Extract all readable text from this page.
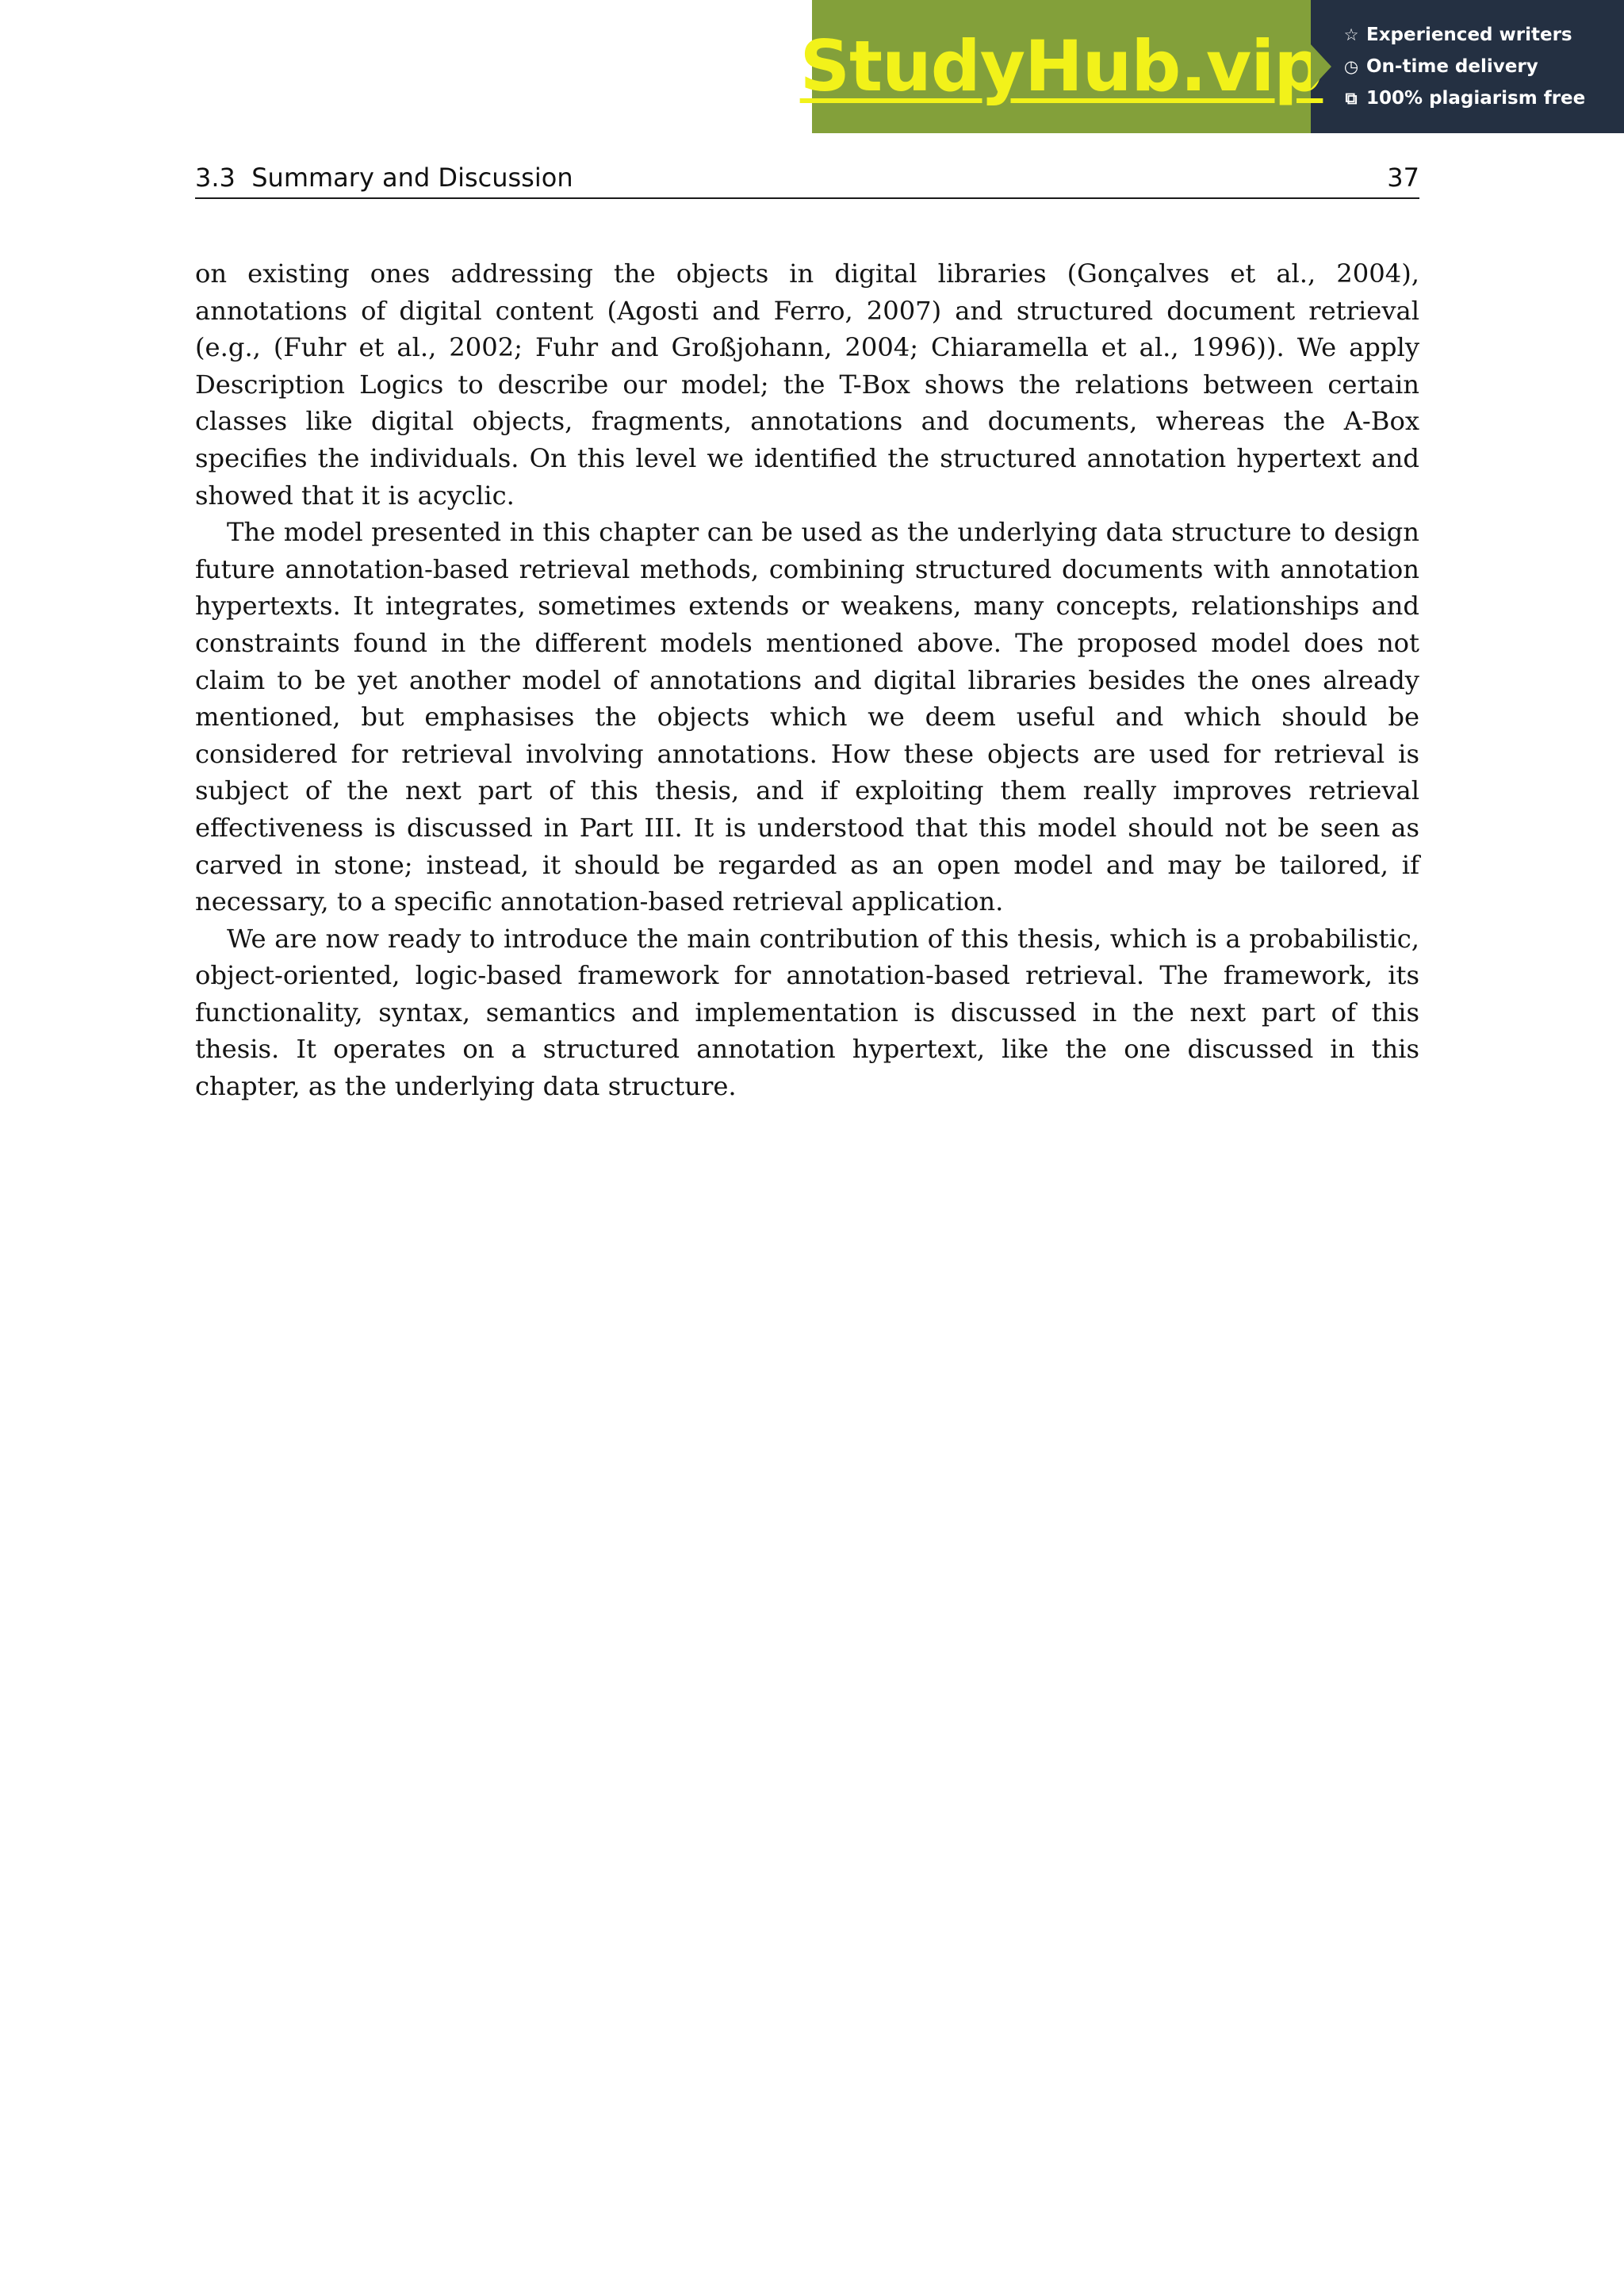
StudyHub.vip ☆ Experienced writers
◷ On-time delivery
⧉ 100% plagiarism free
3.3  Summary and Discussion	37

on existing ones addressing the objects in digital libraries (Gonçalves et al., 2004), annotations of digital content (Agosti and Ferro, 2007) and structured document retrieval (e.g., (Fuhr et al., 2002; Fuhr and Großjohann, 2004; Chiaramella et al., 1996)). We apply Description Logics to describe our model; the T-Box shows the relations between certain classes like digital objects, fragments, annotations and documents, whereas the A-Box specifies the individuals. On this level we identified the structured annotation hypertext and showed that it is acyclic.

The model presented in this chapter can be used as the underlying data structure to design future annotation-based retrieval methods, combining structured documents with annotation hypertexts. It integrates, sometimes extends or weakens, many concepts, relationships and constraints found in the different models mentioned above. The proposed model does not claim to be yet another model of annotations and digital libraries besides the ones already mentioned, but emphasises the objects which we deem useful and which should be considered for retrieval involving annotations. How these objects are used for retrieval is subject of the next part of this thesis, and if exploiting them really improves retrieval effectiveness is discussed in Part III. It is understood that this model should not be seen as carved in stone; instead, it should be regarded as an open model and may be tailored, if necessary, to a specific annotation-based retrieval application.

We are now ready to introduce the main contribution of this thesis, which is a probabilistic, object-oriented, logic-based framework for annotation-based retrieval. The framework, its functionality, syntax, semantics and implementation is discussed in the next part of this thesis. It operates on a structured annotation hypertext, like the one discussed in this chapter, as the underlying data structure.
